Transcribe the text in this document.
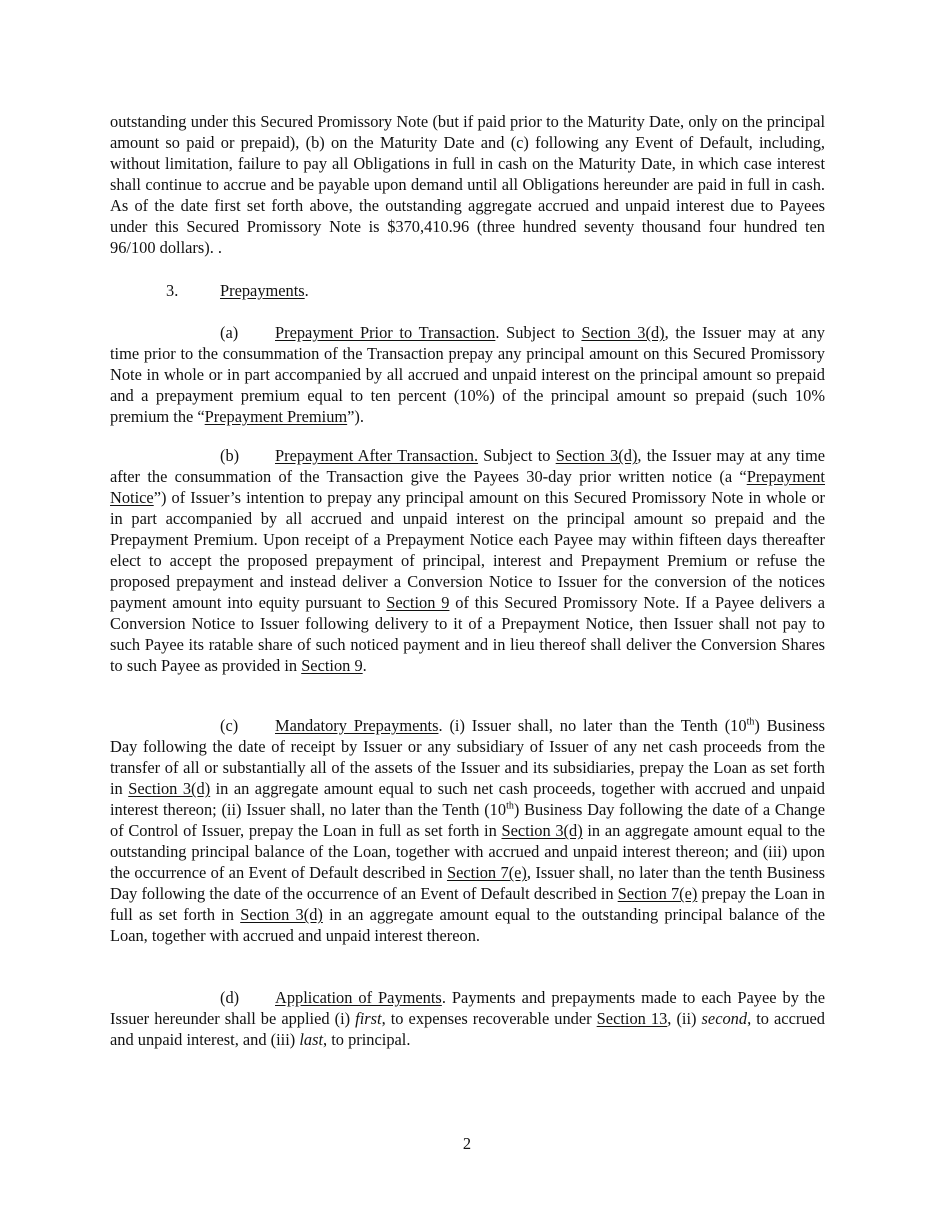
outstanding under this Secured Promissory Note (but if paid prior to the Maturity Date, only on the principal amount so paid or prepaid), (b) on the Maturity Date and (c) following any Event of Default, including, without limitation, failure to pay all Obligations in full in cash on the Maturity Date, in which case interest shall continue to accrue and be payable upon demand until all Obligations hereunder are paid in full in cash. As of the date first set forth above, the outstanding aggregate accrued and unpaid interest due to Payees under this Secured Promissory Note is $370,410.96 (three hundred seventy thousand four hundred ten 96/100 dollars). .

3.	Prepayments.

(a) Prepayment Prior to Transaction. Subject to Section 3(d), the Issuer may at any time prior to the consummation of the Transaction prepay any principal amount on this Secured Promissory Note in whole or in part accompanied by all accrued and unpaid interest on the principal amount so prepaid and a prepayment premium equal to ten percent (10%) of the principal amount so prepaid (such 10% premium the “Prepayment Premium”).

(b) Prepayment After Transaction. Subject to Section 3(d), the Issuer may at any time after the consummation of the Transaction give the Payees 30-day prior written notice (a “Prepayment Notice”) of Issuer’s intention to prepay any principal amount on this Secured Promissory Note in whole or in part accompanied by all accrued and unpaid interest on the principal amount so prepaid and the Prepayment Premium. Upon receipt of a Prepayment Notice each Payee may within fifteen days thereafter elect to accept the proposed prepayment of principal, interest and Prepayment Premium or refuse the proposed prepayment and instead deliver a Conversion Notice to Issuer for the conversion of the notices payment amount into equity pursuant to Section 9 of this Secured Promissory Note. If a Payee delivers a Conversion Notice to Issuer following delivery to it of a Prepayment Notice, then Issuer shall not pay to such Payee its ratable share of such noticed payment and in lieu thereof shall deliver the Conversion Shares to such Payee as provided in Section 9.

(c) Mandatory Prepayments. (i) Issuer shall, no later than the Tenth (10th) Business Day following the date of receipt by Issuer or any subsidiary of Issuer of any net cash proceeds from the transfer of all or substantially all of the assets of the Issuer and its subsidiaries, prepay the Loan as set forth in Section 3(d) in an aggregate amount equal to such net cash proceeds, together with accrued and unpaid interest thereon; (ii) Issuer shall, no later than the Tenth (10th) Business Day following the date of a Change of Control of Issuer, prepay the Loan in full as set forth in Section 3(d) in an aggregate amount equal to the outstanding principal balance of the Loan, together with accrued and unpaid interest thereon; and (iii) upon the occurrence of an Event of Default described in Section 7(e), Issuer shall, no later than the tenth Business Day following the date of the occurrence of an Event of Default described in Section 7(e) prepay the Loan in full as set forth in Section 3(d) in an aggregate amount equal to the outstanding principal balance of the Loan, together with accrued and unpaid interest thereon.

(d) Application of Payments. Payments and prepayments made to each Payee by the Issuer hereunder shall be applied (i) first, to expenses recoverable under Section 13, (ii) second, to accrued and unpaid interest, and (iii) last, to principal.

2
